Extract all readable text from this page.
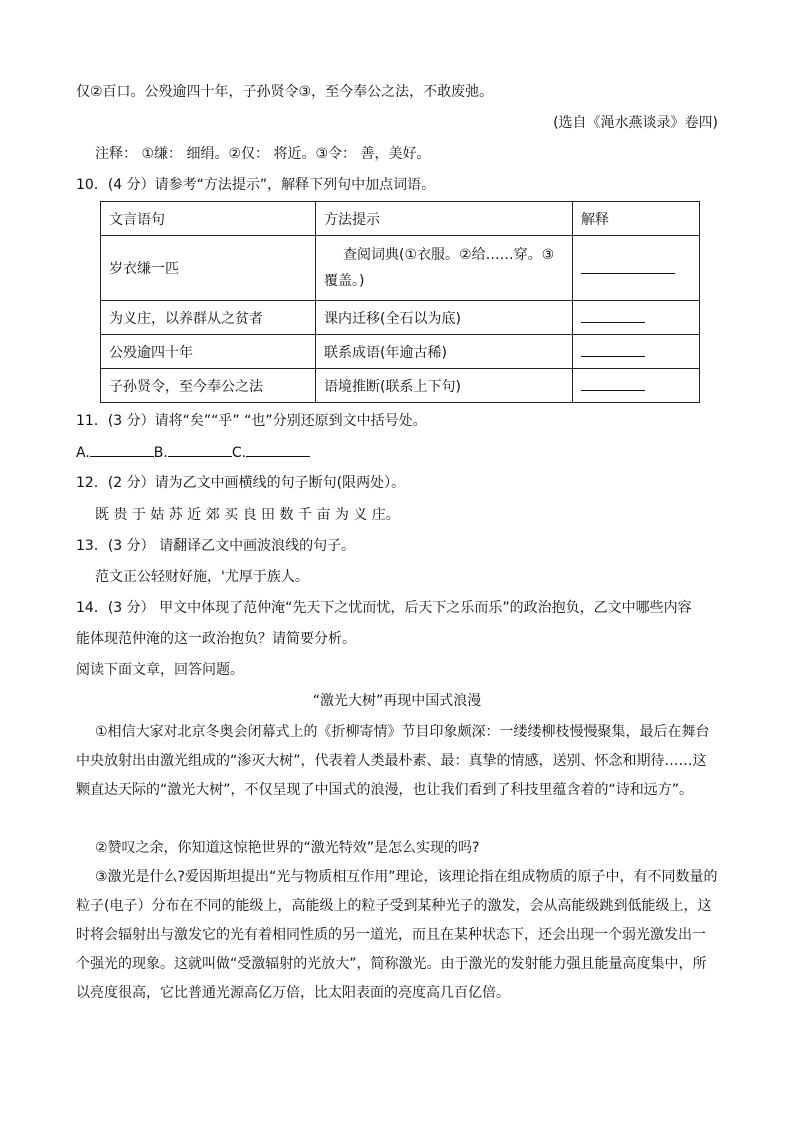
仅②百口。公殁逾四十年，子孙贤令③，至今奉公之法，不敢废弛。
(选自《渑水燕谈录》卷四)
注释： ①缣： 细绢。②仅： 将近。③令： 善，美好。
10．(4 分）请参考“方法提示”，解释下列句中加点词语。
文言语句	方法提示	解释
岁衣缣一匹	查阅词典(①衣服。②给……穿。③覆盖。)	
为义庄，以养群从之贫者	课内迁移(全石以为底)	
公殁逾四十年	联系成语(年逾古稀)	
子孙贤令，至今奉公之法	语境推断(联系上下句)	
11．(3 分）请将“矣”“乎” “也”分别还原到文中括号处。
A.	B.	C.
12．(2 分）请为乙文中画横线的句子断句(限两处）。
既 贵 于 姑 苏 近 郊 买 良 田 数 千 亩 为 义 庄。
13．(3 分） 请翻译乙文中画波浪线的句子。
范文正公轻财好施，'尤厚于族人。
14．(3 分） 甲文中体现了范仲淹“先天下之忧而忧，后天下之乐而乐”的政治抱负，乙文中哪些内容
能体现范仲淹的这一政治抱负？请简要分析。
阅读下面文章，回答问题。
“激光大树”再现中国式浪漫
①相信大家对北京冬奥会闭幕式上的《折柳寄情》节目印象颇深：一缕缕柳枝慢慢聚集，最后在舞台中央放射出由激光组成的“渗灭大树”，代表着人类最朴素、最：真挚的情感，送别、怀念和期待……这颗直达天际的“激光大树”，不仅呈现了中国式的浪漫，也让我们看到了科技里蕴含着的“诗和远方”。
②赞叹之余，你知道这惊艳世界的“激光特效”是怎么实现的吗?
③激光是什么?爱因斯坦提出“光与物质相互作用”理论，该理论指在组成物质的原子中，有不同数量的粒子(电子）分布在不同的能级上，高能级上的粒子受到某种光子的激发，会从高能级跳到低能级上，这时将会辐射出与激发它的光有着相同性质的另一道光，而且在某种状态下，还会出现一个弱光激发出一个强光的现象。这就叫做“受激辐射的光放大”，简称激光。由于激光的发射能力强且能量高度集中，所以亮度很高，它比普通光源高亿万倍，比太阳表面的亮度高几百亿倍。
